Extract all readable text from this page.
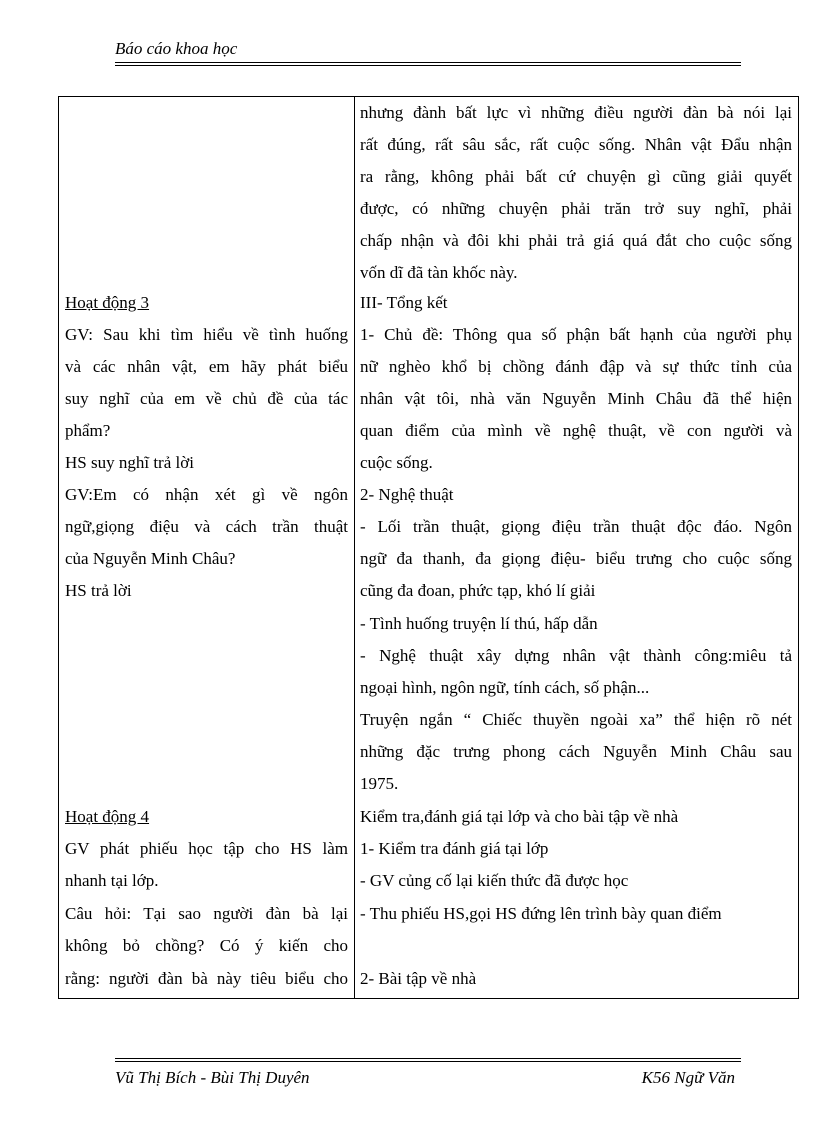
Báo cáo khoa học
Hoạt động 3
GV: Sau khi tìm hiểu về tình huống
và các nhân vật, em hãy phát biểu
suy nghĩ của em về chủ đề của tác
phẩm?
HS suy nghĩ trả lời
GV:Em có nhận xét gì về ngôn
ngữ,giọng điệu và cách trần thuật
của Nguyễn Minh Châu?
HS trả lời
Hoạt động 4
GV phát phiếu học tập cho HS làm
nhanh tại lớp.
Câu hỏi: Tại sao người đàn bà lại
không bỏ chồng? Có ý kiến cho
rằng: người đàn bà này tiêu biểu cho
nhưng đành bất lực vì những điều người đàn bà nói lại
rất đúng, rất sâu sắc, rất cuộc sống. Nhân vật Đẩu nhận
ra rằng, không phải bất cứ chuyện gì cũng giải quyết
được, có những chuyện phải trăn trở suy nghĩ, phải
chấp nhận và đôi khi phải trả giá quá đắt cho cuộc sống
vốn dĩ đã tàn khốc này.
III- Tổng kết
1- Chủ đề: Thông qua số phận bất hạnh của người phụ
nữ nghèo khổ bị chồng đánh đập và sự thức tỉnh của
nhân vật tôi, nhà văn Nguyễn Minh Châu đã thể hiện
quan điểm của mình về nghệ thuật, về con người và
cuộc sống.
2- Nghệ thuật
- Lối trần thuật, giọng điệu trần thuật độc đáo. Ngôn
ngữ đa thanh, đa giọng điệu- biểu trưng cho cuộc sống
cũng đa đoan, phức tạp, khó lí giải
- Tình huống truyện lí thú, hấp dẫn
- Nghệ thuật xây dựng nhân vật thành công:miêu tả
ngoại hình, ngôn ngữ, tính cách, số phận...
Truyện ngắn “ Chiếc thuyền ngoài xa” thể hiện rõ nét
những đặc trưng phong cách Nguyễn Minh Châu sau
1975.
Kiểm tra,đánh giá tại lớp và cho bài tập về nhà
1- Kiểm tra đánh giá tại lớp
- GV củng cố lại kiến thức đã được học
- Thu phiếu HS,gọi HS đứng lên trình bày quan điểm
2- Bài tập về nhà
Vũ Thị Bích - Bùi Thị Duyên	K56 Ngữ Văn
